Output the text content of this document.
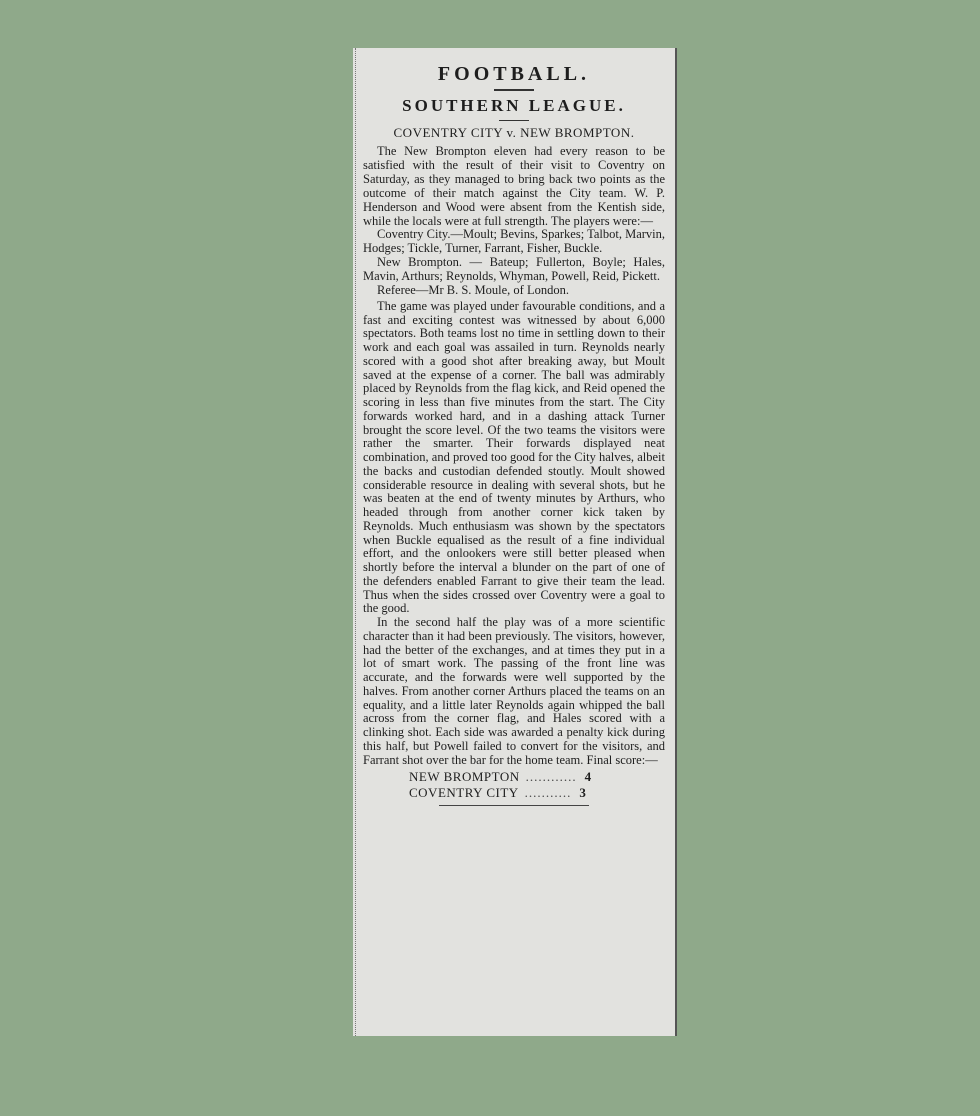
FOOTBALL.
SOUTHERN LEAGUE.
COVENTRY CITY v. NEW BROMPTON.

The New Brompton eleven had every reason to be satisfied with the result of their visit to Coventry on Saturday, as they managed to bring back two points as the outcome of their match against the City team. W. P. Henderson and Wood were absent from the Kentish side, while the locals were at full strength. The players were:—

Coventry City.—Moult; Bevins, Sparkes; Talbot, Marvin, Hodges; Tickle, Turner, Farrant, Fisher, Buckle.

New Brompton. — Bateup; Fullerton, Boyle; Hales, Mavin, Arthurs; Reynolds, Whyman, Powell, Reid, Pickett.

Referee—Mr B. S. Moule, of London.

The game was played under favourable conditions, and a fast and exciting contest was witnessed by about 6,000 spectators. Both teams lost no time in settling down to their work and each goal was assailed in turn. Reynolds nearly scored with a good shot after breaking away, but Moult saved at the expense of a corner. The ball was admirably placed by Reynolds from the flag kick, and Reid opened the scoring in less than five minutes from the start. The City forwards worked hard, and in a dashing attack Turner brought the score level. Of the two teams the visitors were rather the smarter. Their forwards displayed neat combination, and proved too good for the City halves, albeit the backs and custodian defended stoutly. Moult showed considerable resource in dealing with several shots, but he was beaten at the end of twenty minutes by Arthurs, who headed through from another corner kick taken by Reynolds. Much enthusiasm was shown by the spectators when Buckle equalised as the result of a fine individual effort, and the onlookers were still better pleased when shortly before the interval a blunder on the part of one of the defenders enabled Farrant to give their team the lead. Thus when the sides crossed over Coventry were a goal to the good.

In the second half the play was of a more scientific character than it had been previously. The visitors, however, had the better of the exchanges, and at times they put in a lot of smart work. The passing of the front line was accurate, and the forwards were well supported by the halves. From another corner Arthurs placed the teams on an equality, and a little later Reynolds again whipped the ball across from the corner flag, and Hales scored with a clinking shot. Each side was awarded a penalty kick during this half, but Powell failed to convert for the visitors, and Farrant shot over the bar for the home team. Final score:—

NEW BROMPTON ............ 4
COVENTRY CITY ........... 3
